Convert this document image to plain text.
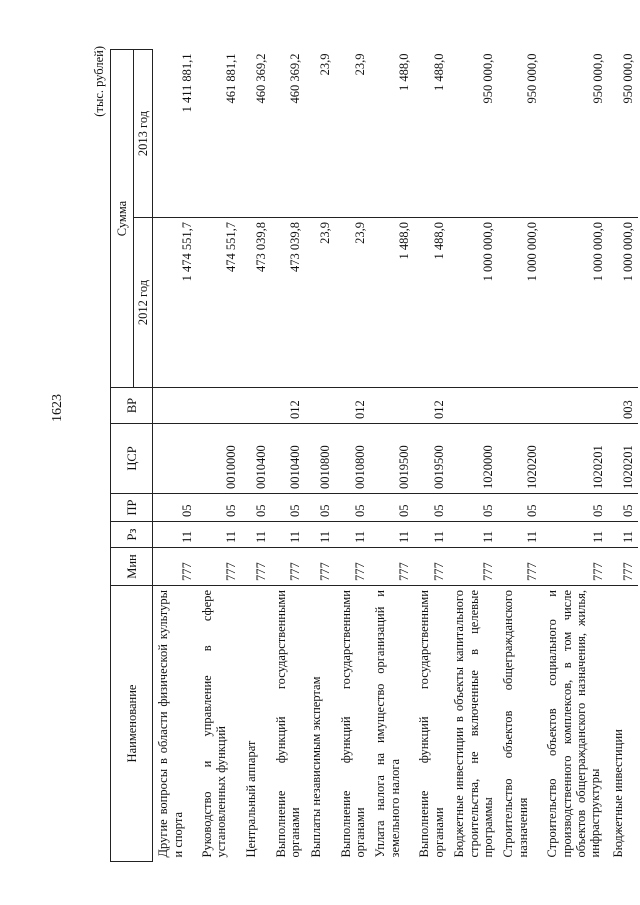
1623
(тыс. рублей)
Наименование	Мин	Рз	ПР	ЦСР	ВР	Сумма	
						2012 год	2013 год
Другие вопросы в области физической культуры и спорта	777	11	05			1 474 551,7	1 411 881,1
Руководство и управление в сфере установленных функций	777	11	05	0010000		474 551,7	461 881,1
Центральный аппарат	777	11	05	0010400		473 039,8	460 369,2
Выполнение функций государственными органами	777	11	05	0010400	012	473 039,8	460 369,2
Выплаты независимым экспертам	777	11	05	0010800		23,9	23,9
Выполнение функций государственными органами	777	11	05	0010800	012	23,9	23,9
Уплата налога на имущество организаций и земельного налога	777	11	05	0019500		1 488,0	1 488,0
Выполнение функций государственными органами	777	11	05	0019500	012	1 488,0	1 488,0
Бюджетные инвестиции в объекты капитального строительства, не включенные в целевые программы	777	11	05	1020000		1 000 000,0	950 000,0
Строительство объектов общегражданского назначения	777	11	05	1020200		1 000 000,0	950 000,0
Строительство объектов социального и производственного комплексов, в том числе объектов общегражданского назначения, жилья, инфраструктуры	777	11	05	1020201		1 000 000,0	950 000,0
Бюджетные инвестиции	777	11	05	1020201	003	1 000 000,0	950 000,0
